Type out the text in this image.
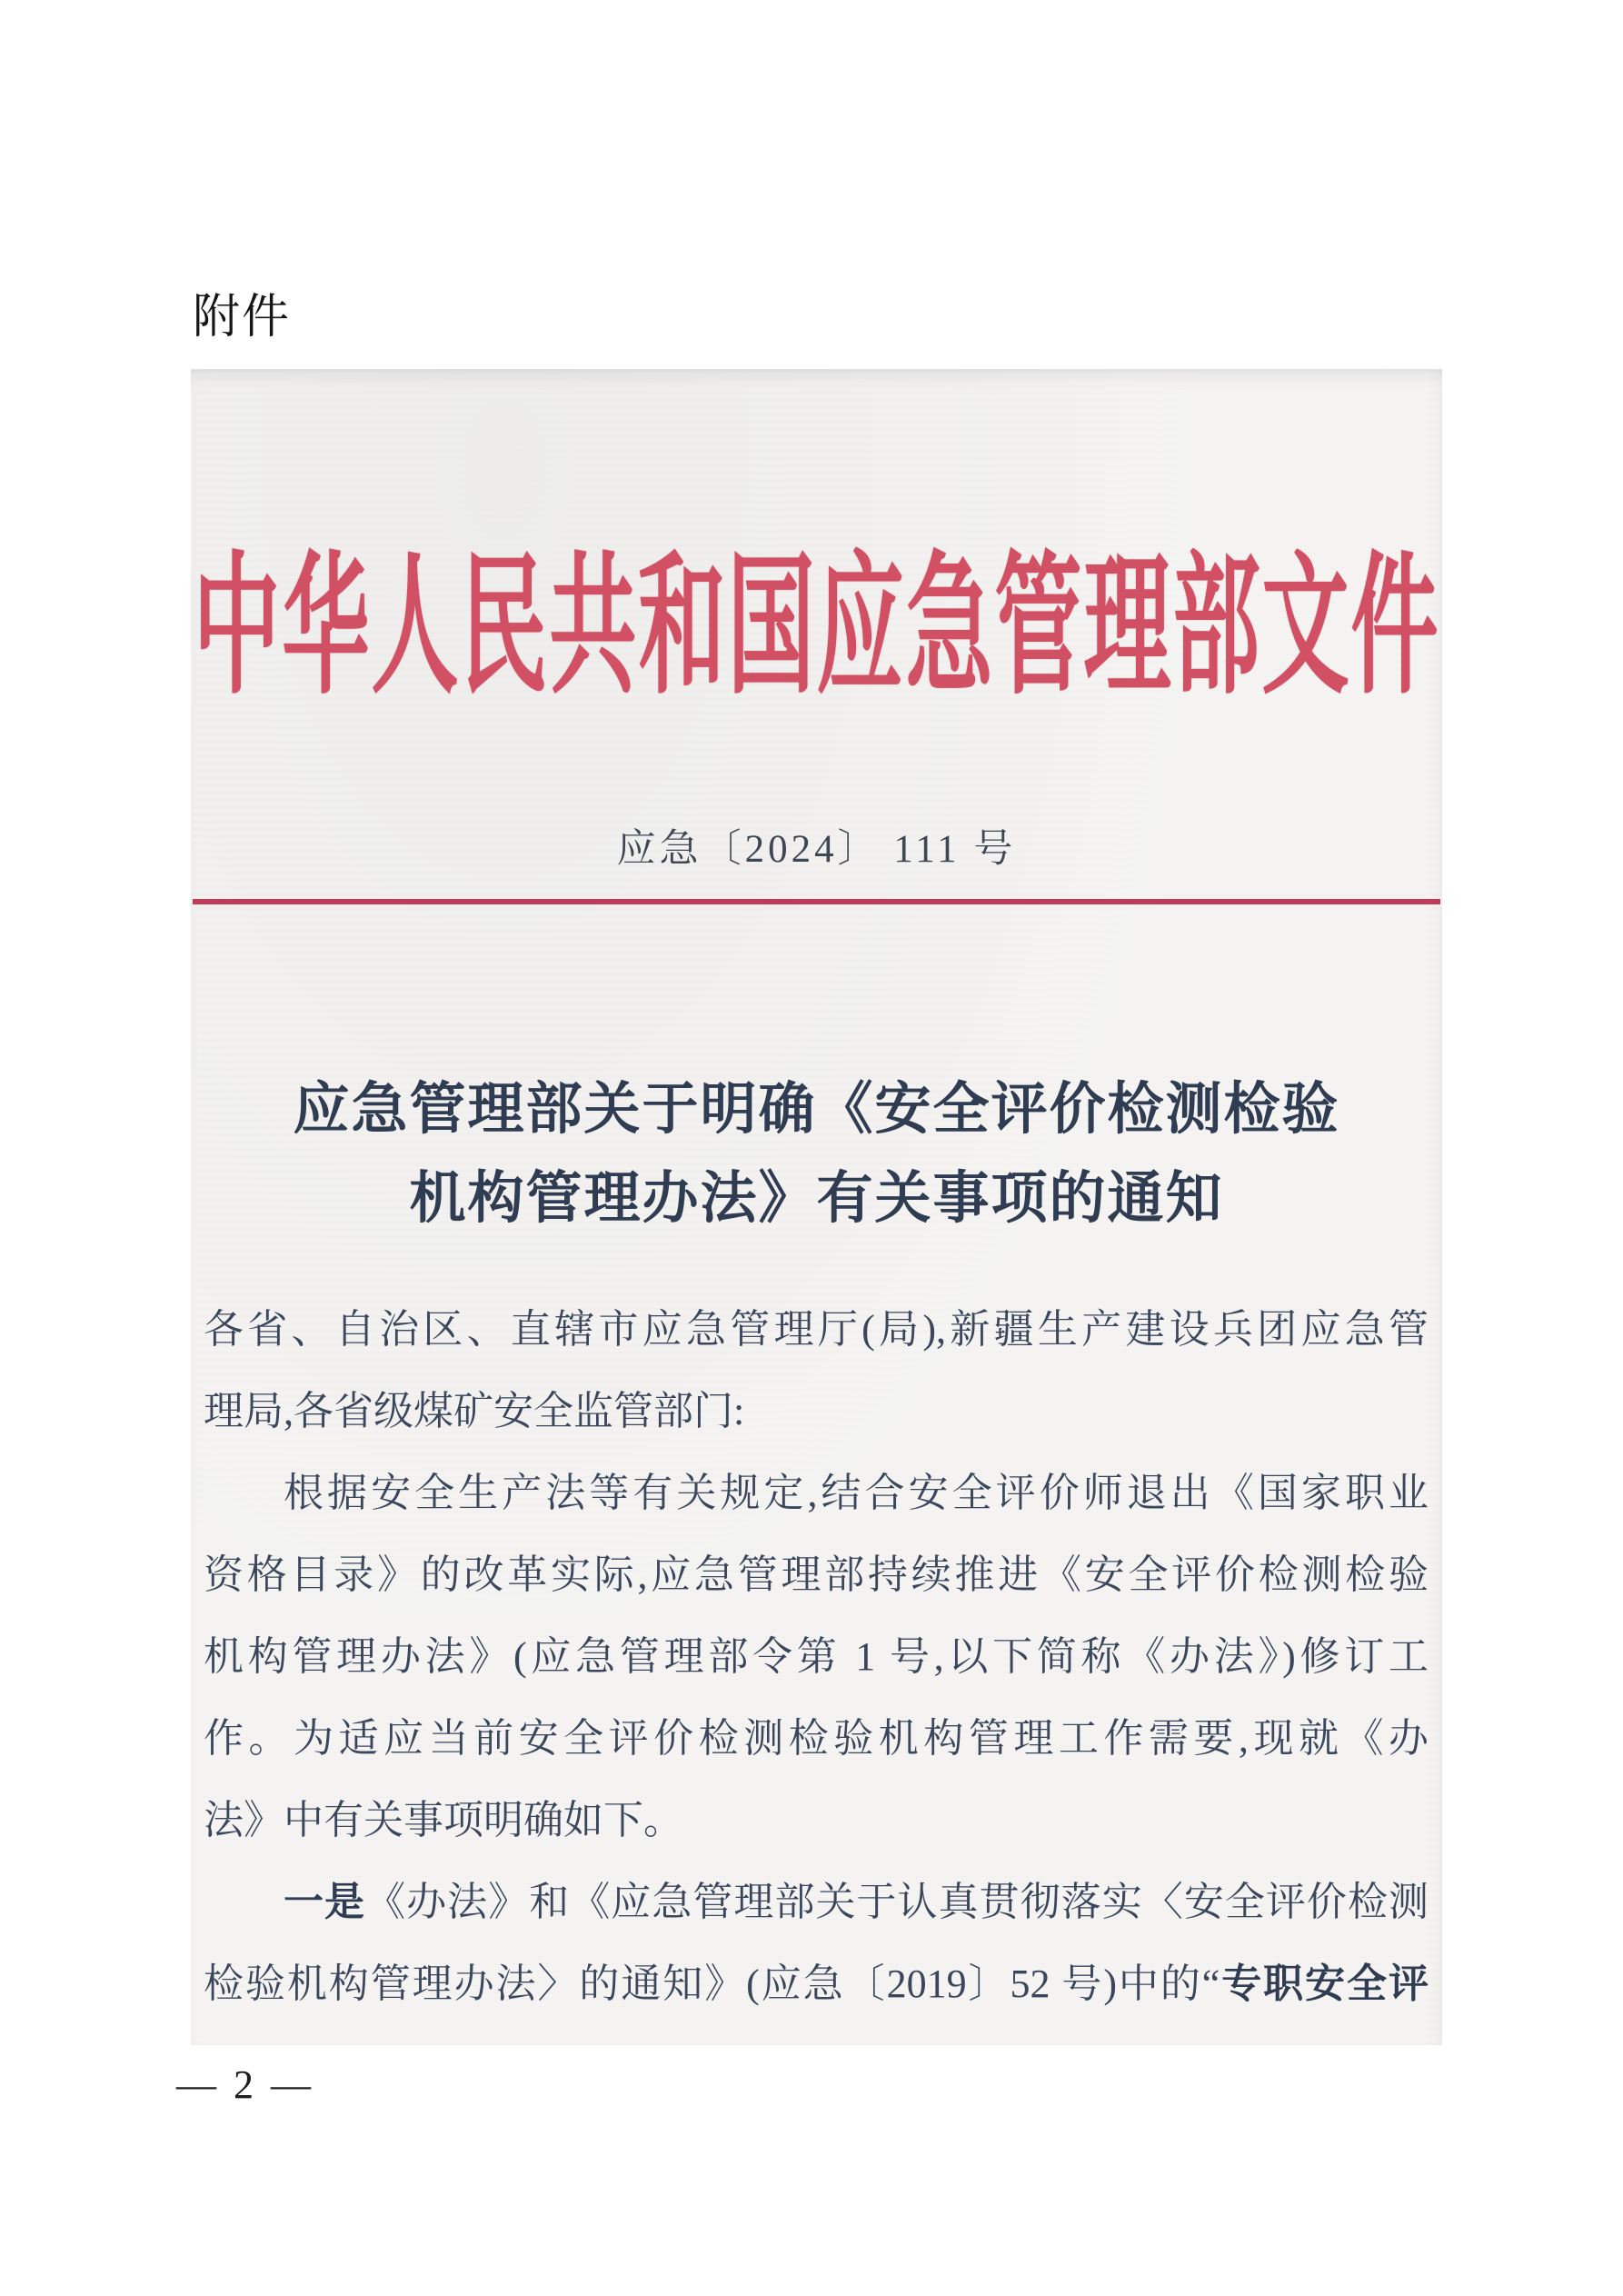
附件
中华人民共和国应急管理部文件
应急〔2024〕 111 号
应急管理部关于明确《安全评价检测检验
机构管理办法》有关事项的通知
各省、自治区、直辖市应急管理厅(局),新疆生产建设兵团应急管
理局,各省级煤矿安全监管部门:
根据安全生产法等有关规定,结合安全评价师退出《国家职业
资格目录》的改革实际,应急管理部持续推进《安全评价检测检验
机构管理办法》(应急管理部令第 1 号,以下简称《办法》)修订工
作。为适应当前安全评价检测检验机构管理工作需要,现就《办
法》中有关事项明确如下。
一是《办法》和《应急管理部关于认真贯彻落实〈安全评价检测
检验机构管理办法〉的通知》(应急〔2019〕52 号)中的“专职安全评
— 2 —
